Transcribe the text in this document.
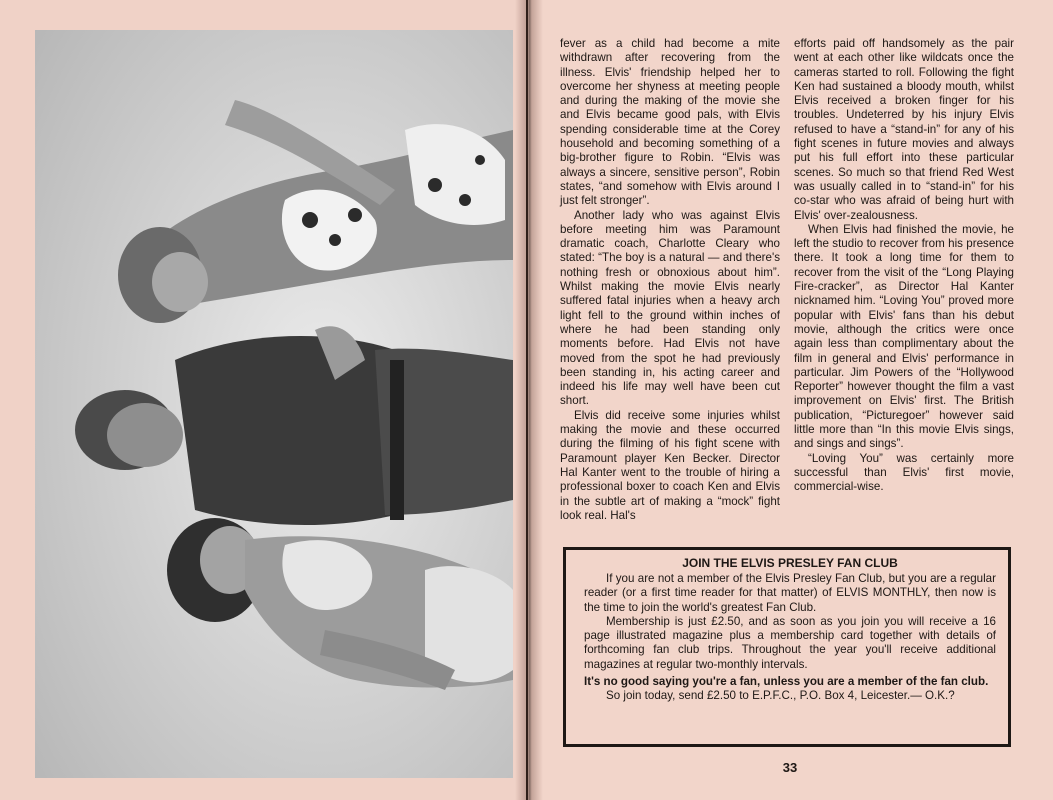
fever as a child had become a mite withdrawn after recovering from the illness. Elvis' friendship helped her to overcome her shyness at meeting people and during the making of the movie she and Elvis became good pals, with Elvis spending considerable time at the Corey household and becoming something of a big-brother figure to Robin. “Elvis was always a sincere, sensitive person”, Robin states, “and somehow with Elvis around I just felt stronger”.

Another lady who was against Elvis before meeting him was Paramount dramatic coach, Charlotte Cleary who stated: “The boy is a natural — and there's nothing fresh or obnoxious about him”. Whilst making the movie Elvis nearly suffered fatal injuries when a heavy arch light fell to the ground within inches of where he had been standing only moments before. Had Elvis not have moved from the spot he had previously been standing in, his acting career and indeed his life may well have been cut short.

Elvis did receive some injuries whilst making the movie and these occurred during the filming of his fight scene with Paramount player Ken Becker. Director Hal Kanter went to the trouble of hiring a professional boxer to coach Ken and Elvis in the subtle art of making a “mock” fight look real. Hal's

efforts paid off handsomely as the pair went at each other like wildcats once the cameras started to roll. Following the fight Ken had sustained a bloody mouth, whilst Elvis received a broken finger for his troubles. Undeterred by his injury Elvis refused to have a “stand-in” for any of his fight scenes in future movies and always put his full effort into these particular scenes. So much so that friend Red West was usually called in to “stand-in” for his co-star who was afraid of being hurt with Elvis' over-zealousness.

When Elvis had finished the movie, he left the studio to recover from his presence there. It took a long time for them to recover from the visit of the “Long Playing Fire-cracker”, as Director Hal Kanter nicknamed him. “Loving You” proved more popular with Elvis' fans than his debut movie, although the critics were once again less than complimentary about the film in general and Elvis' performance in particular. Jim Powers of the “Hollywood Reporter” however thought the film a vast improvement on Elvis' first. The British publication, “Picturegoer” however said little more than “In this movie Elvis sings, and sings and sings”.

“Loving You” was certainly more successful than Elvis' first movie, commercial-wise.

JOIN THE ELVIS PRESLEY FAN CLUB

If you are not a member of the Elvis Presley Fan Club, but you are a regular reader (or a first time reader for that matter) of ELVIS MONTHLY, then now is the time to join the world's greatest Fan Club.

Membership is just £2.50, and as soon as you join you will receive a 16 page illustrated magazine plus a membership card together with details of forthcoming fan club trips. Throughout the year you'll receive additional magazines at regular two-monthly intervals.

It's no good saying you're a fan, unless you are a member of the fan club.

So join today, send £2.50 to E.P.F.C., P.O. Box 4, Leicester.— O.K.?

33
